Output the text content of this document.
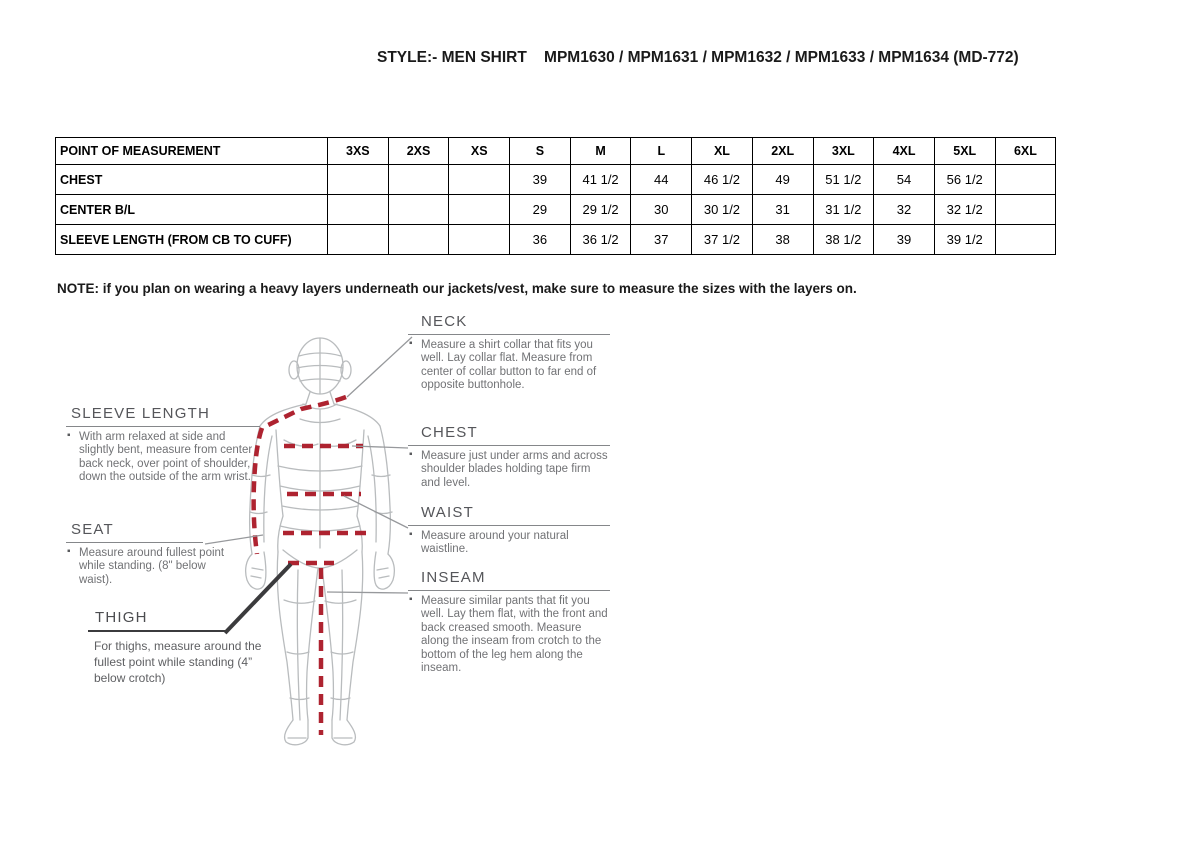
STYLE:- MEN SHIRT    MPM1630 / MPM1631 / MPM1632 / MPM1633 / MPM1634 (MD-772)
POINT OF MEASUREMENT	3XS	2XS	XS	S	M	L	XL	2XL	3XL	4XL	5XL	6XL
CHEST				39	41 1/2	44	46 1/2	49	51 1/2	54	56 1/2	
CENTER B/L				29	29 1/2	30	30 1/2	31	31 1/2	32	32 1/2	
SLEEVE LENGTH (FROM CB TO CUFF)				36	36 1/2	37	37 1/2	38	38 1/2	39	39 1/2	
NOTE: if you plan on wearing a heavy layers underneath our jackets/vest, make sure to measure the sizes with the layers on.
NECK
▪ Measure a shirt collar that fits you well. Lay collar flat. Measure from center of collar button to far end of opposite buttonhole.
CHEST
▪ Measure just under arms and across shoulder blades holding tape firm and level.
WAIST
▪ Measure around your natural waistline.
INSEAM
▪ Measure similar pants that fit you well. Lay them flat, with the front and back creased smooth. Measure along the inseam from crotch to the bottom of the leg hem along the inseam.
SLEEVE LENGTH
▪ With arm relaxed at side and slightly bent, measure from center back neck, over point of shoulder, down the outside of the arm wrist.
SEAT
▪ Measure around fullest point while standing. (8" below waist).
THIGH
For thighs, measure around the fullest point while standing (4” below crotch)
